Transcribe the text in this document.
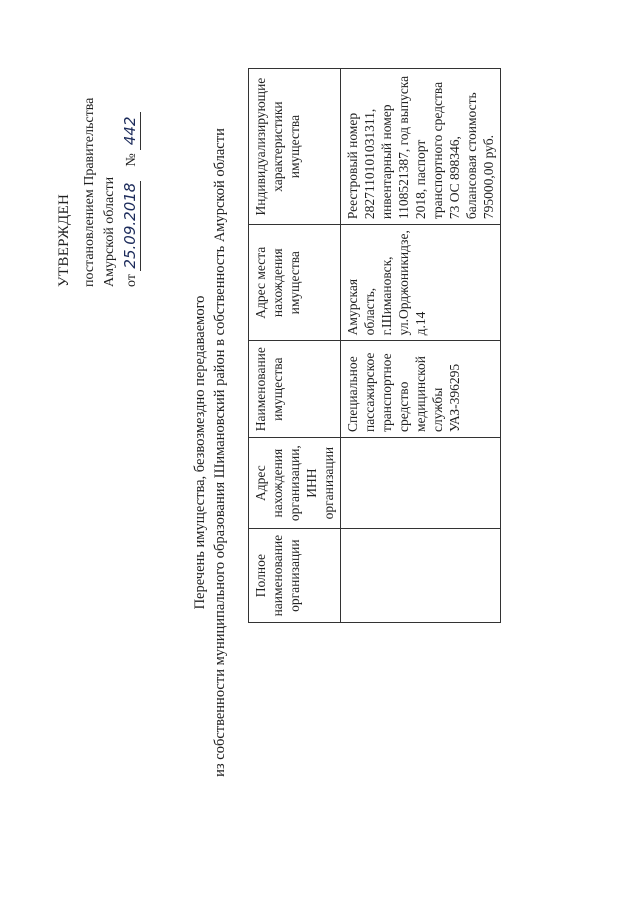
УТВЕРЖДЕН постановлением Правительства Амурской области от 25.09.2018    № 442
Перечень имущества, безвозмездно передаваемого из собственности муниципального образования Шимановский район в собственность Амурской области Полное наименование организации	Адрес нахождения организации, ИНН организации	Наименование имущества	Адрес места нахождения имущества	Индивидуализирующие характеристики имущества
		Специальное пассажирское транспортное средство медицинской службы УАЗ-396295	Амурская область, г.Шимановск, ул.Орджоникидзе, д.14	Реестровый номер 2827110101031311, инвентарный номер 1108521387, год выпуска 2018, паспорт транспортного средства 73 ОС 898346, балансовая стоимость 795000,00 руб.
